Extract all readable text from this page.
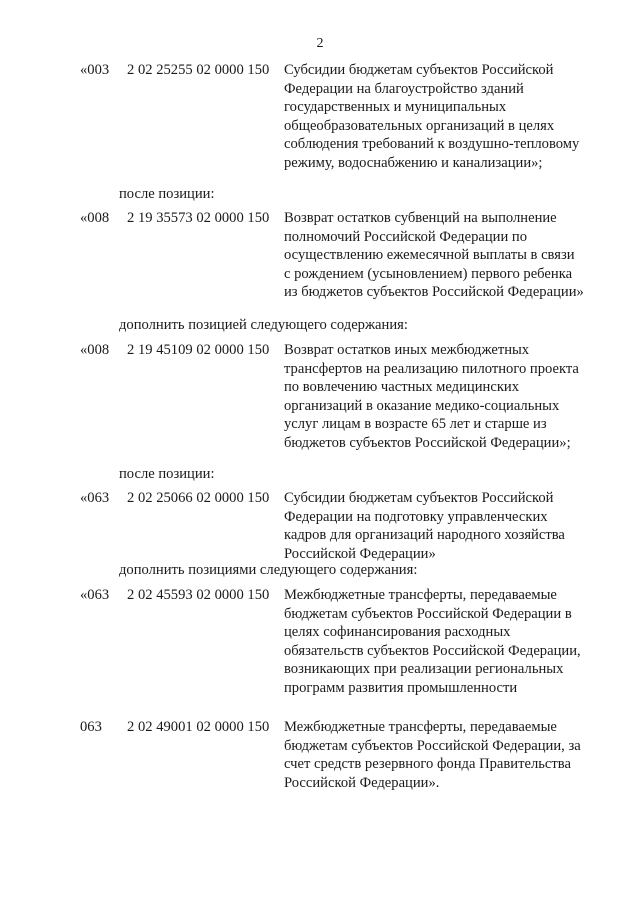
2
«003 2 02 25255 02 0000 150 Субсидии бюджетам субъектов Российской Федерации на благоустройство зданий государственных и муниципальных общеобразовательных организаций в целях соблюдения требований к воздушно-тепловому режиму, водоснабжению и канализации»;
после позиции:
«008 2 19 35573 02 0000 150 Возврат остатков субвенций на выполнение полномочий Российской Федерации по осуществлению ежемесячной выплаты в связи с рождением (усыновлением) первого ребенка из бюджетов субъектов Российской Федерации»
дополнить позицией следующего содержания:
«008 2 19 45109 02 0000 150 Возврат остатков иных межбюджетных трансфертов на реализацию пилотного проекта по вовлечению частных медицинских организаций в оказание медико-социальных услуг лицам в возрасте 65 лет и старше из бюджетов субъектов Российской Федерации»;
после позиции:
«063 2 02 25066 02 0000 150 Субсидии бюджетам субъектов Российской Федерации на подготовку управленческих кадров для организаций народного хозяйства Российской Федерации»
дополнить позициями следующего содержания:
«063 2 02 45593 02 0000 150 Межбюджетные трансферты, передаваемые бюджетам субъектов Российской Федерации в целях софинансирования расходных обязательств субъектов Российской Федерации, возникающих при реализации региональных программ развития промышленности
063 2 02 49001 02 0000 150 Межбюджетные трансферты, передаваемые бюджетам субъектов Российской Федерации, за счет средств резервного фонда Правительства Российской Федерации».
